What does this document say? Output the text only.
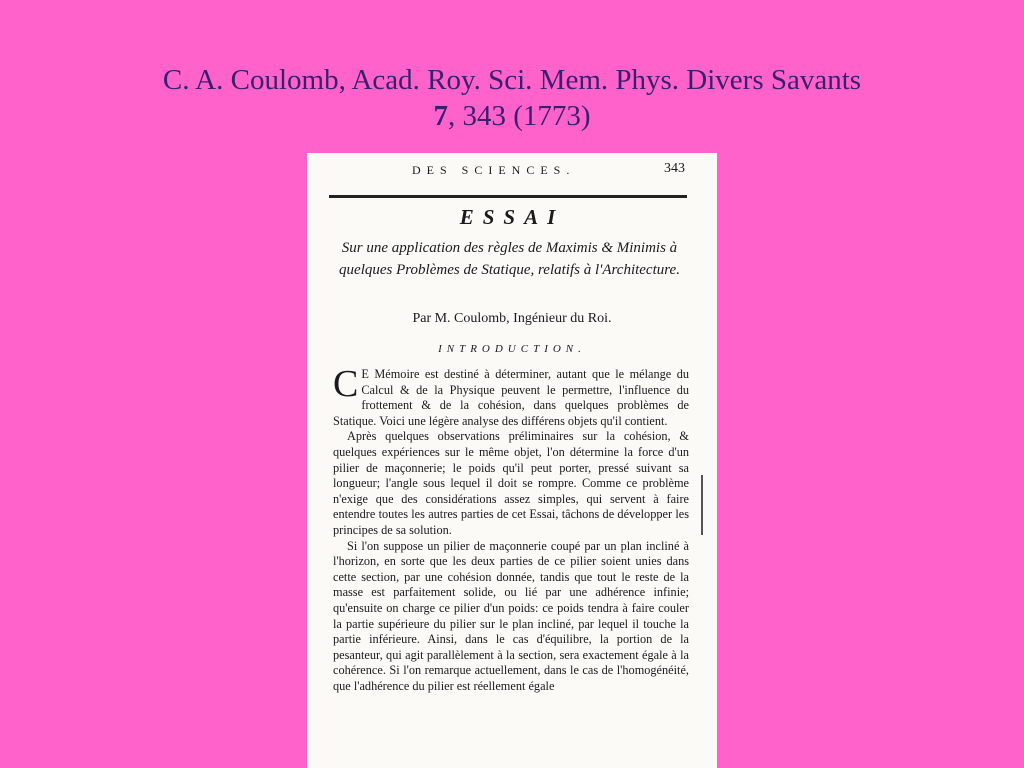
C. A. Coulomb, Acad. Roy. Sci. Mem. Phys. Divers Savants
7, 343 (1773)
DES SCIENCES.	343
ESSAI
Sur une application des règles de Maximis & Minimis à quelques Problèmes de Statique, relatifs à l'Architecture.
Par M. Coulomb, Ingénieur du Roi.
INTRODUCTION.

C E Mémoire est destiné à déterminer, autant que le mélange du Calcul & de la Physique peuvent le permettre, l'influence du frottement & de la cohésion, dans quelques problèmes de Statique. Voici une légère analyse des différens objets qu'il contient.

Après quelques observations préliminaires sur la cohésion, & quelques expériences sur le même objet, l'on détermine la force d'un pilier de maçonnerie; le poids qu'il peut porter, pressé suivant sa longueur; l'angle sous lequel il doit se rompre. Comme ce problème n'exige que des considérations assez simples, qui servent à faire entendre toutes les autres parties de cet Essai, tâchons de développer les principes de sa solution.

Si l'on suppose un pilier de maçonnerie coupé par un plan incliné à l'horizon, en sorte que les deux parties de ce pilier soient unies dans cette section, par une cohésion donnée, tandis que tout le reste de la masse est parfaitement solide, ou lié par une adhérence infinie; qu'ensuite on charge ce pilier d'un poids: ce poids tendra à faire couler la partie supérieure du pilier sur le plan incliné, par lequel il touche la partie inférieure. Ainsi, dans le cas d'équilibre, la portion de la pesanteur, qui agit parallèlement à la section, sera exactement égale à la cohérence. Si l'on remarque actuellement, dans le cas de l'homogénéité, que l'adhérence du pilier est réellement égale
